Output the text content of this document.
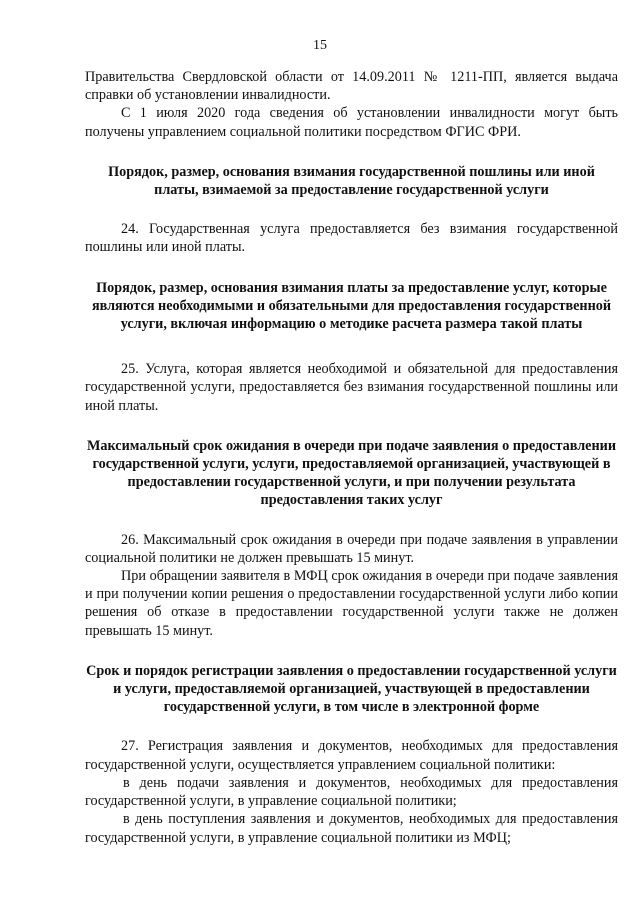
15

Правительства Свердловской области от 14.09.2011 № 1211-ПП, является выдача справки об установлении инвалидности.

С 1 июля 2020 года сведения об установлении инвалидности могут быть получены управлением социальной политики посредством ФГИС ФРИ.

Порядок, размер, основания взимания государственной пошлины или иной платы, взимаемой за предоставление государственной услуги

24. Государственная услуга предоставляется без взимания государственной пошлины или иной платы.

Порядок, размер, основания взимания платы за предоставление услуг, которые являются необходимыми и обязательными для предоставления государственной услуги, включая информацию о методике расчета размера такой платы

25. Услуга, которая является необходимой и обязательной для предоставления государственной услуги, предоставляется без взимания государственной пошлины или иной платы.

Максимальный срок ожидания в очереди при подаче заявления о предоставлении государственной услуги, услуги, предоставляемой организацией, участвующей в предоставлении государственной услуги, и при получении результата предоставления таких услуг

26. Максимальный срок ожидания в очереди при подаче заявления в управлении социальной политики не должен превышать 15 минут.

При обращении заявителя в МФЦ срок ожидания в очереди при подаче заявления и при получении копии решения о предоставлении государственной услуги либо копии решения об отказе в предоставлении государственной услуги также не должен превышать 15 минут.

Срок и порядок регистрации заявления о предоставлении государственной услуги и услуги, предоставляемой организацией, участвующей в предоставлении государственной услуги, в том числе в электронной форме

27. Регистрация заявления и документов, необходимых для предоставления государственной услуги, осуществляется управлением социальной политики:

в день подачи заявления и документов, необходимых для предоставления государственной услуги, в управление социальной политики;

в день поступления заявления и документов, необходимых для предоставления государственной услуги, в управление социальной политики из МФЦ;
